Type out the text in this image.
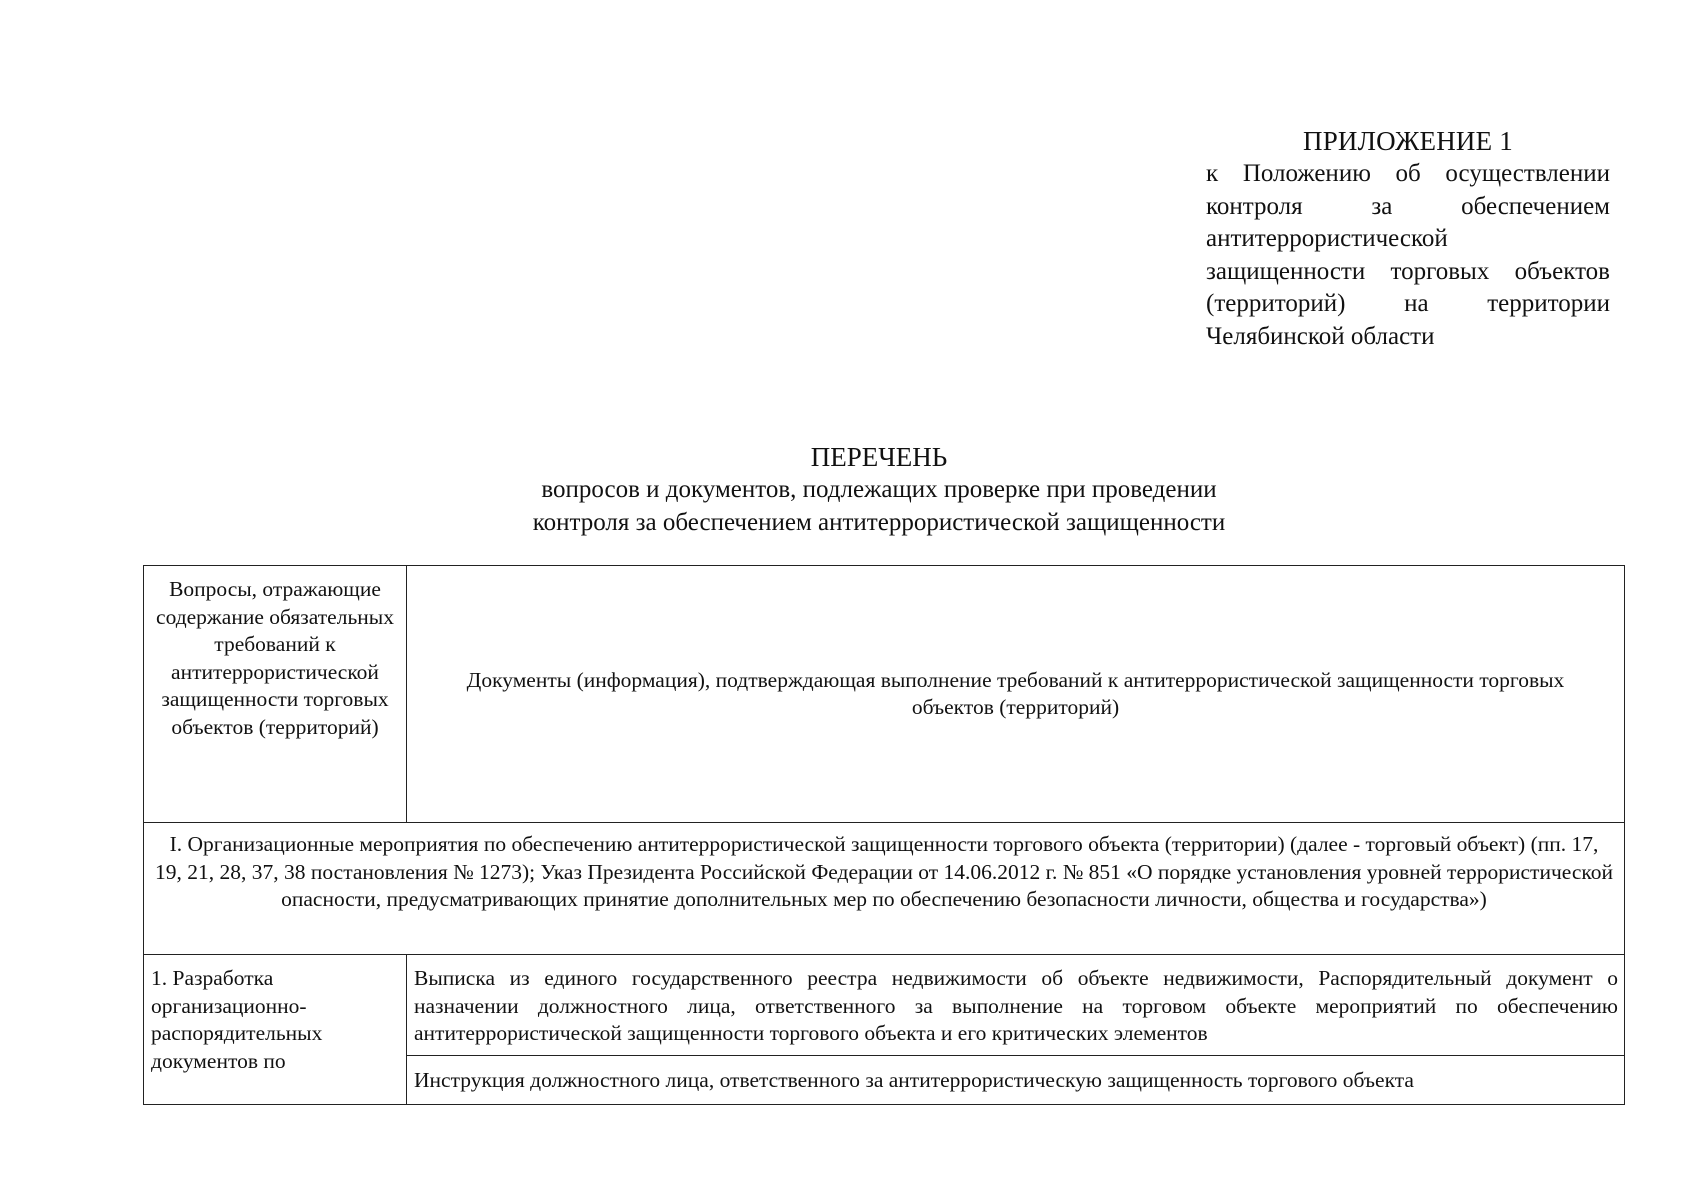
ПРИЛОЖЕНИЕ 1
к Положению об осуществлении
контроля	за	обеспечением
антитеррористической
защищенности торговых объектов
(территорий) на территории
Челябинской области
ПЕРЕЧЕНЬ
вопросов и документов, подлежащих проверке при проведении
контроля за обеспечением антитеррористической защищенности
Вопросы, отражающие содержание обязательных требований к антитеррористической защищенности торговых объектов (территорий)	Документы (информация), подтверждающая выполнение требований к антитеррористической защищенности торговых объектов (территорий)

I. Организационные мероприятия по обеспечению антитеррористической защищенности торгового объекта (территории) (далее - торговый объект) (пп. 17, 19, 21, 28, 37, 38 постановления № 1273); Указ Президента Российской Федерации от 14.06.2012 г. № 851 «О порядке установления уровней террористической опасности, предусматривающих принятие дополнительных мер по обеспечению безопасности личности, общества и государства»)	

1. Разработка организационно-распорядительных документов по	Выписка из единого государственного реестра недвижимости об объекте недвижимости, Распорядительный документ о назначении должностного лица, ответственного за выполнение на торговом объекте мероприятий по обеспечению антитеррористической защищенности торгового объекта и его критических элементов

	Инструкция должностного лица, ответственного за антитеррористическую защищенность торгового объекта
